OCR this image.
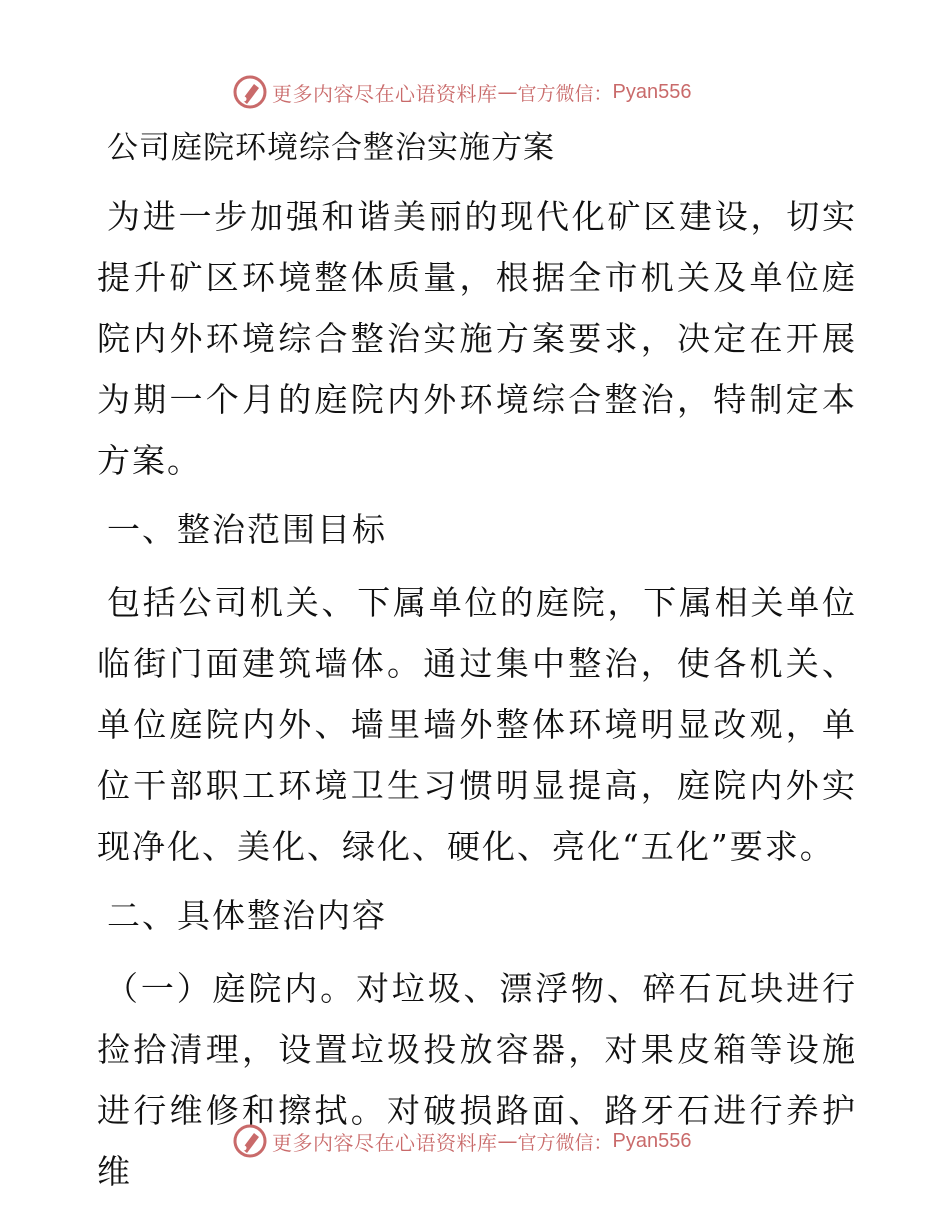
更多内容尽在心语资料库 — 官方微信： Pyan556
公司庭院环境综合整治实施方案

为进一步加强和谐美丽的现代化矿区建设，切实提升矿区环境整体质量，根据全市机关及单位庭院内外环境综合整治实施方案要求，决定在开展为期一个月的庭院内外环境综合整治，特制定本方案。

一、整治范围目标

包括公司机关、下属单位的庭院，下属相关单位临街门面建筑墙体。通过集中整治，使各机关、单位庭院内外、墙里墙外整体环境明显改观，单位干部职工环境卫生习惯明显提高，庭院内外实现净化、美化、绿化、硬化、亮化“五化”要求。

二、具体整治内容

（一）庭院内。对垃圾、漂浮物、碎石瓦块进行捡拾清理，设置垃圾投放容器，对果皮箱等设施进行维修和擦拭。对破损路面、路牙石进行养护维

更多内容尽在心语资料库 — 官方微信： Pyan556
